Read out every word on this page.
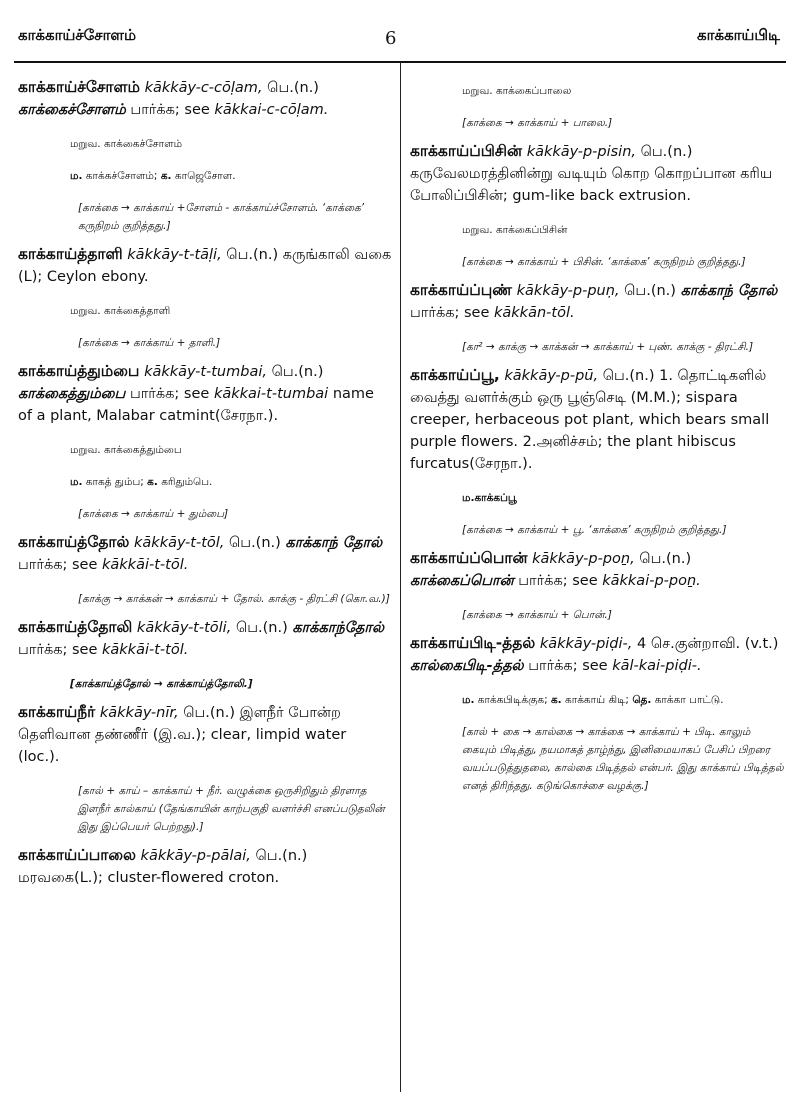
காக்காய்ச்சோளம்	6	காக்காய்பிடி
காக்காய்ச்சோளம் kākkāy-c-cōḷam, பெ.(n.) காக்கைச்சோளம் பார்க்க; see kākkai-c-cōḷam.
மறுவ. காக்கைச்சோளம்
ம. காக்கச்சோளம்; க. காஜெசோள.
[காக்கை → காக்காய் +சோளம் - காக்காய்ச்சோளம். ‘காக்கை’ கருநிறம் குறித்தது.]
காக்காய்த்தாளி kākkāy-t-tāḷi, பெ.(n.) கருங்காலி வகை (L); Ceylon ebony.
மறுவ. காக்கைத்தாளி
[காக்கை → காக்காய் + தாளி.]
காக்காய்த்தும்பை kākkāy-t-tumbai, பெ.(n.) காக்கைத்தும்பை பார்க்க; see kākkai-t-tumbai name of a plant, Malabar catmint(சேரநா.).
மறுவ. காக்கைத்தும்பை
ம. காகத் தும்ப; க. கரிதும்பெ.
[காக்கை → காக்காய் + தும்பை]
காக்காய்த்தோல் kākkāy-t-tōl, பெ.(n.) காக்காந் தோல் பார்க்க; see kākkāi-t-tōl.
[காக்கு → காக்கன் → காக்காய் + தோல். காக்கு - திரட்சி (கொ.வ.)]
காக்காய்த்தோலி kākkāy-t-tōli, பெ.(n.) காக்காந்தோல் பார்க்க; see kākkāi-t-tōl.
[காக்காய்த்தோல் → காக்காய்த்தோலி.]
காக்காய்நீர் kākkāy-nīr, பெ.(n.) இளநீர் போன்ற தெளிவான தண்ணீர் (இ.வ.); clear, limpid water (loc.).
[கால் + காய் – காக்காய் + நீர். வழுக்கை ஒருசிறிதும் திரளாத இளநீர் கால்காய் (தேங்காயின் காற்பகுதி வளர்ச்சி எனப்படுதலின் இது இப்பெயர் பெற்றது).]
காக்காய்ப்பாலை kākkāy-p-pālai, பெ.(n.) மரவகை(L.); cluster-flowered croton.
மறுவ. காக்கைப்பாலை
[காக்கை → காக்காய் + பாலை.]
காக்காய்ப்பிசின் kākkāy-p-pisin, பெ.(n.) கருவேலமரத்தினின்று வடியும் கொற கொறப்பான கரிய போலிப்பிசின்; gum-like back extrusion.
மறுவ. காக்கைப்பிசின்
[காக்கை → காக்காய் + பிசின். ‘காக்கை’ கருநிறம் குறித்தது.]
காக்காய்ப்புண் kākkāy-p-puṇ, பெ.(n.) காக்காந் தோல் பார்க்க; see kākkān-tōl.
[கா² → காக்கு → காக்கன் → காக்காய் + புண். காக்கு - திரட்சி.]
காக்காய்ப்பூ, kākkāy-p-pū, பெ.(n.) 1. தொட்டிகளில் வைத்து வளர்க்கும் ஒரு பூஞ்செடி (M.M.); sispara creeper, herbaceous pot plant, which bears small purple flowers. 2.அனிச்சம்; the plant hibiscus furcatus(சேரநா.).
ம.காக்கப்பூ
[காக்கை → காக்காய் + பூ. ‘காக்கை’ கருநிறம் குறித்தது.]
காக்காய்ப்பொன் kākkāy-p-poṉ, பெ.(n.) காக்கைப்பொன் பார்க்க; see kākkai-p-poṉ.
[காக்கை → காக்காய் + பொன்.]
காக்காய்பிடி-த்தல் kākkāy-piḍi-, 4 செ.குன்றாவி. (v.t.) கால்கைபிடி-த்தல் பார்க்க; see kāl-kai-piḍi-.
ம. காக்கபிடிக்குக; க. காக்காய் கிடி; தெ. காக்கா பாட்டு.
[கால் + கை → கால்கை → காக்கை → காக்காய் + பிடி. காலும் கையும் பிடித்து, நயமாகத் தாழ்ந்து, இனிமையாகப் பேசிப் பிறரை வயப்படுத்துதலை, கால்கை பிடித்தல் என்பர். இது காக்காய் பிடித்தல் எனத் திரிந்தது. கடுங்கொச்சை வழக்கு.]
